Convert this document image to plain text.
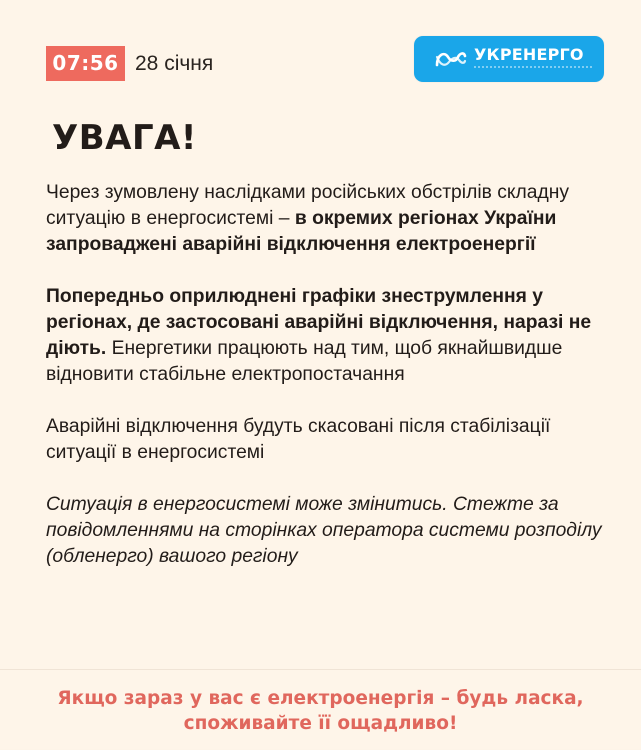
07:56 28 січня	УКРЕНЕРГО
УВАГА!

Через зумовлену наслідками російських обстрілів складну ситуацію в енергосистемі – в окремих регіонах України запроваджені аварійні відключення електроенергії

Попередньо оприлюднені графіки знеструмлення у регіонах, де застосовані аварійні відключення, наразі не діють. Енергетики працюють над тим, щоб якнайшвидше відновити стабільне електропостачання

Аварійні відключення будуть скасовані після стабілізації ситуації в енергосистемі

Ситуація в енергосистемі може змінитись. Стежте за повідомленнями на сторінках оператора системи розподілу (обленерго) вашого регіону

Якщо зараз у вас є електроенергія – будь ласка,
споживайте її ощадливо!
